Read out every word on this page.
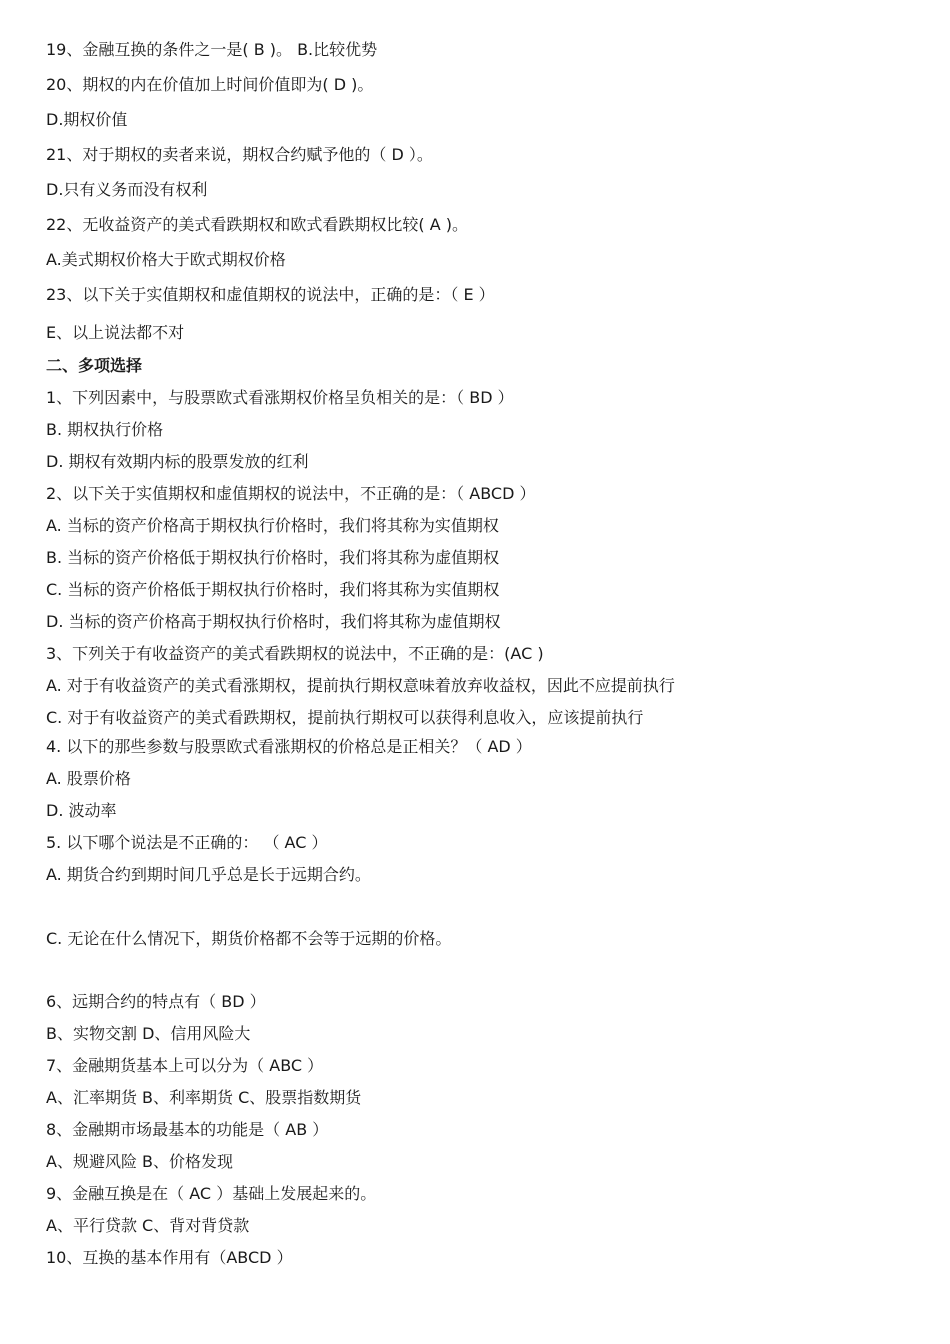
19、金融互换的条件之一是( B )。 B.比较优势
20、期权的内在价值加上时间价值即为( D )。
D.期权价值
21、对于期权的卖者来说，期权合约赋予他的（ D ）。
D.只有义务而没有权利
22、无收益资产的美式看跌期权和欧式看跌期权比较( A )。
A.美式期权价格大于欧式期权价格
23、以下关于实值期权和虚值期权的说法中，正确的是：（ E ）
E、以上说法都不对
二、多项选择
1、下列因素中，与股票欧式看涨期权价格呈负相关的是：（ BD ）
B. 期权执行价格
D. 期权有效期内标的股票发放的红利
2、以下关于实值期权和虚值期权的说法中，不正确的是：（ ABCD ）
A. 当标的资产价格高于期权执行价格时，我们将其称为实值期权
B. 当标的资产价格低于期权执行价格时，我们将其称为虚值期权
C. 当标的资产价格低于期权执行价格时，我们将其称为实值期权
D. 当标的资产价格高于期权执行价格时，我们将其称为虚值期权
3、下列关于有收益资产的美式看跌期权的说法中，不正确的是：(AC )
A. 对于有收益资产的美式看涨期权，提前执行期权意味着放弃收益权，因此不应提前执行
C. 对于有收益资产的美式看跌期权，提前执行期权可以获得利息收入，应该提前执行
4. 以下的那些参数与股票欧式看涨期权的价格总是正相关？（ AD ）
A. 股票价格
D. 波动率
5. 以下哪个说法是不正确的： （ AC ）
A. 期货合约到期时间几乎总是长于远期合约。
C. 无论在什么情况下，期货价格都不会等于远期的价格。
6、远期合约的特点有（ BD ）
B、实物交割 D、信用风险大
7、金融期货基本上可以分为（ ABC ）
A、汇率期货 B、利率期货 C、股票指数期货
8、金融期市场最基本的功能是（ AB ）
A、规避风险 B、价格发现
9、金融互换是在（ AC ）基础上发展起来的。
A、平行贷款 C、背对背贷款
10、互换的基本作用有（ABCD ）
